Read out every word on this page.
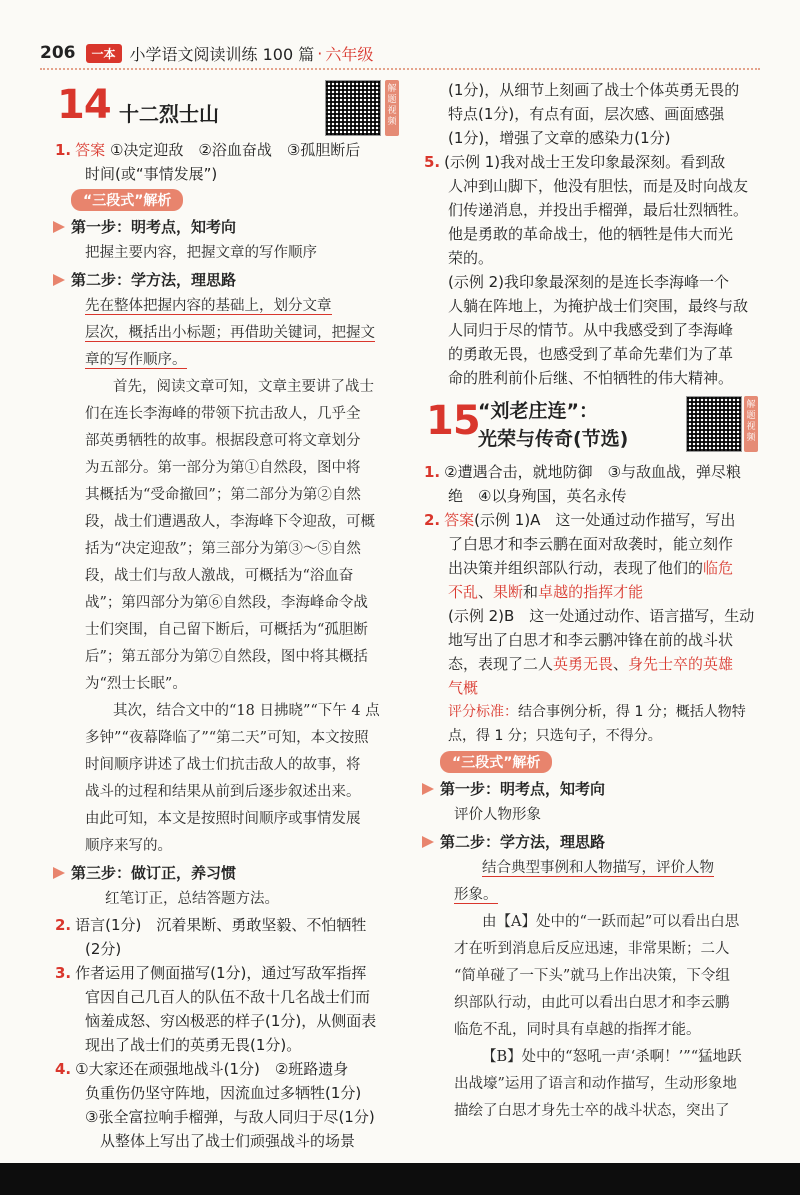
206	一本 小学语文阅读训练 100 篇 · 六年级
14 十二烈士山
解题视频
1. 答案 ①决定迎敌　②浴血奋战　③孤胆断后
时间(或“事情发展”)
“三段式”解析
第一步：明考点，知考向
把握主要内容，把握文章的写作顺序
第二步：学方法，理思路
先在整体把握内容的基础上，划分文章
层次，概括出小标题；再借助关键词，把握文
章的写作顺序。
首先，阅读文章可知，文章主要讲了战士
们在连长李海峰的带领下抗击敌人，几乎全
部英勇牺牲的故事。根据段意可将文章划分
为五部分。第一部分为第①自然段，图中将
其概括为“受命撤回”；第二部分为第②自然
段，战士们遭遇敌人，李海峰下令迎敌，可概
括为“决定迎敌”；第三部分为第③～⑤自然
段，战士们与敌人激战，可概括为“浴血奋
战”；第四部分为第⑥自然段，李海峰命令战
士们突围，自己留下断后，可概括为“孤胆断
后”；第五部分为第⑦自然段，图中将其概括
为“烈士长眠”。
其次，结合文中的“18 日拂晓”“下午 4 点
多钟”“夜幕降临了”“第二天”可知，本文按照
时间顺序讲述了战士们抗击敌人的故事，将
战斗的过程和结果从前到后逐步叙述出来。
由此可知，本文是按照时间顺序或事情发展
顺序来写的。
第三步：做订正，养习惯
红笔订正，总结答题方法。
2. 语言(1分)　沉着果断、勇敢坚毅、不怕牺牲
(2分)
3. 作者运用了侧面描写(1分)，通过写敌军指挥
官因自己几百人的队伍不敌十几名战士们而
恼羞成怒、穷凶极恶的样子(1分)，从侧面表
现出了战士们的英勇无畏(1分)。
4. ①大家还在顽强地战斗(1分)　②班路遗身
负重伤仍坚守阵地，因流血过多牺牲(1分)
③张全富拉响手榴弹，与敌人同归于尽(1分)
　从整体上写出了战士们顽强战斗的场景
(1分)，从细节上刻画了战士个体英勇无畏的
特点(1分)，有点有面，层次感、画面感强
(1分)，增强了文章的感染力(1分)
5. (示例 1)我对战士王发印象最深刻。看到敌
人冲到山脚下，他没有胆怯，而是及时向战友
们传递消息，并投出手榴弹，最后壮烈牺牲。
他是勇敢的革命战士，他的牺牲是伟大而光
荣的。
(示例 2)我印象最深刻的是连长李海峰一个
人躺在阵地上，为掩护战士们突围，最终与敌
人同归于尽的情节。从中我感受到了李海峰
的勇敢无畏，也感受到了革命先辈们为了革
命的胜利前仆后继、不怕牺牲的伟大精神。
15
“刘老庄连”：
光荣与传奇(节选)
解题视频
1. ②遭遇合击，就地防御　③与敌血战，弹尽粮
绝　④以身殉国，英名永传
2. 答案(示例 1)A　这一处通过动作描写，写出
了白思才和李云鹏在面对敌袭时，能立刻作
出决策并组织部队行动，表现了他们的临危
不乱、果断和卓越的指挥才能
(示例 2)B　这一处通过动作、语言描写，生动
地写出了白思才和李云鹏冲锋在前的战斗状
态，表现了二人英勇无畏、身先士卒的英雄
气概
评分标准：结合事例分析，得 1 分；概括人物特
点，得 1 分；只选句子，不得分。
“三段式”解析
第一步：明考点，知考向
评价人物形象
第二步：学方法，理思路
结合典型事例和人物描写，评价人物
形象。
由【A】处中的“一跃而起”可以看出白思
才在听到消息后反应迅速，非常果断；二人
“简单碰了一下头”就马上作出决策，下令组
织部队行动，由此可以看出白思才和李云鹏
临危不乱，同时具有卓越的指挥才能。
【B】处中的“怒吼一声‘杀啊！’”“猛地跃
出战壕”运用了语言和动作描写，生动形象地
描绘了白思才身先士卒的战斗状态，突出了
